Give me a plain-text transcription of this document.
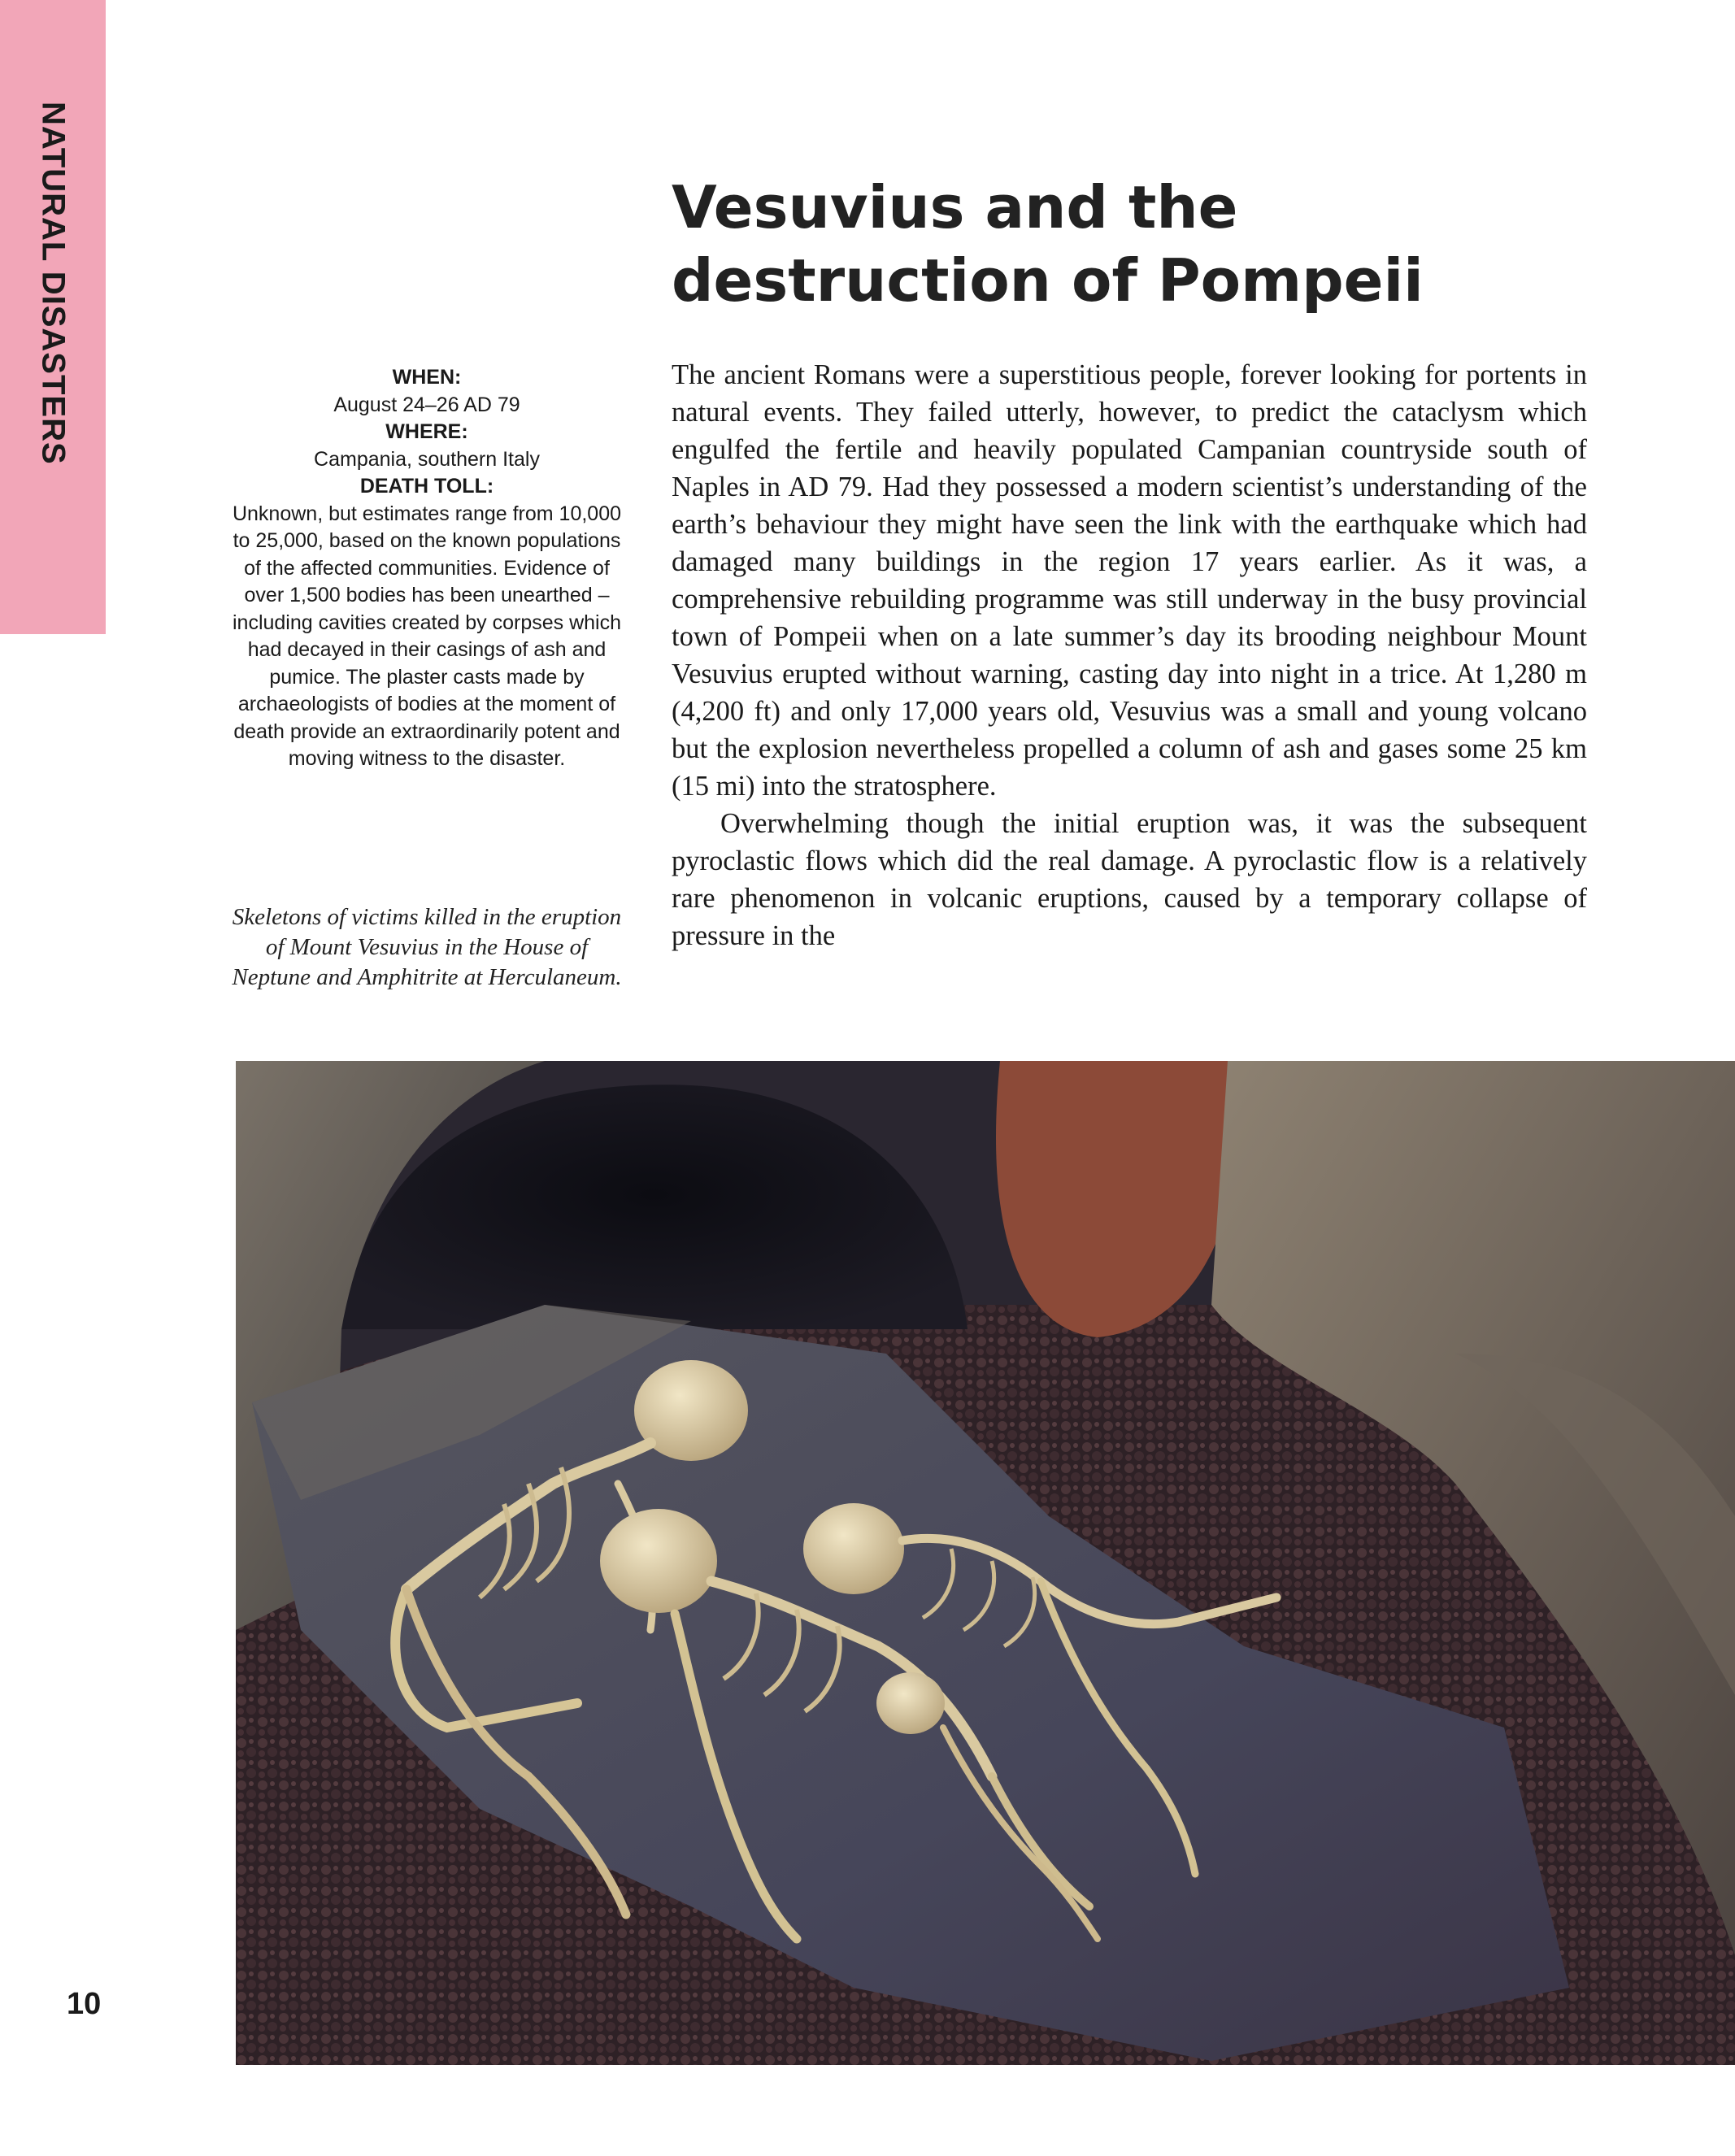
NATURAL DISASTERS	Vesuvius and the
destruction of Pompeii
WHEN:
August 24–26 AD 79
WHERE:
Campania, southern Italy
DEATH TOLL:
Unknown, but estimates range from 10,000 to 25,000, based on the known populations of the affected communities. Evidence of over 1,500 bodies has been unearthed – including cavities created by corpses which had decayed in their casings of ash and pumice. The plaster casts made by archaeologists of bodies at the moment of death provide an extraordinarily potent and moving witness to the disaster.

Skeletons of victims killed in the eruption of Mount Vesuvius in the House of Neptune and Amphitrite at Herculaneum.

The ancient Romans were a superstitious people, forever looking for portents in natural events. They failed utterly, however, to predict the cataclysm which engulfed the fertile and heavily populated Campanian countryside south of Naples in AD 79. Had they possessed a modern scientist’s understanding of the earth’s behaviour they might have seen the link with the earthquake which had damaged many buildings in the region 17 years earlier. As it was, a comprehensive rebuilding programme was still underway in the busy provincial town of Pompeii when on a late summer’s day its brooding neighbour Mount Vesuvius erupted without warning, casting day into night in a trice. At 1,280 m (4,200 ft) and only 17,000 years old, Vesuvius was a small and young volcano but the explosion nevertheless propelled a column of ash and gases some 25 km (15 mi) into the stratosphere.

Overwhelming though the initial eruption was, it was the subsequent pyroclastic flows which did the real damage. A pyroclastic flow is a relatively rare phenomenon in volcanic eruptions, caused by a temporary collapse of pressure in the

10
